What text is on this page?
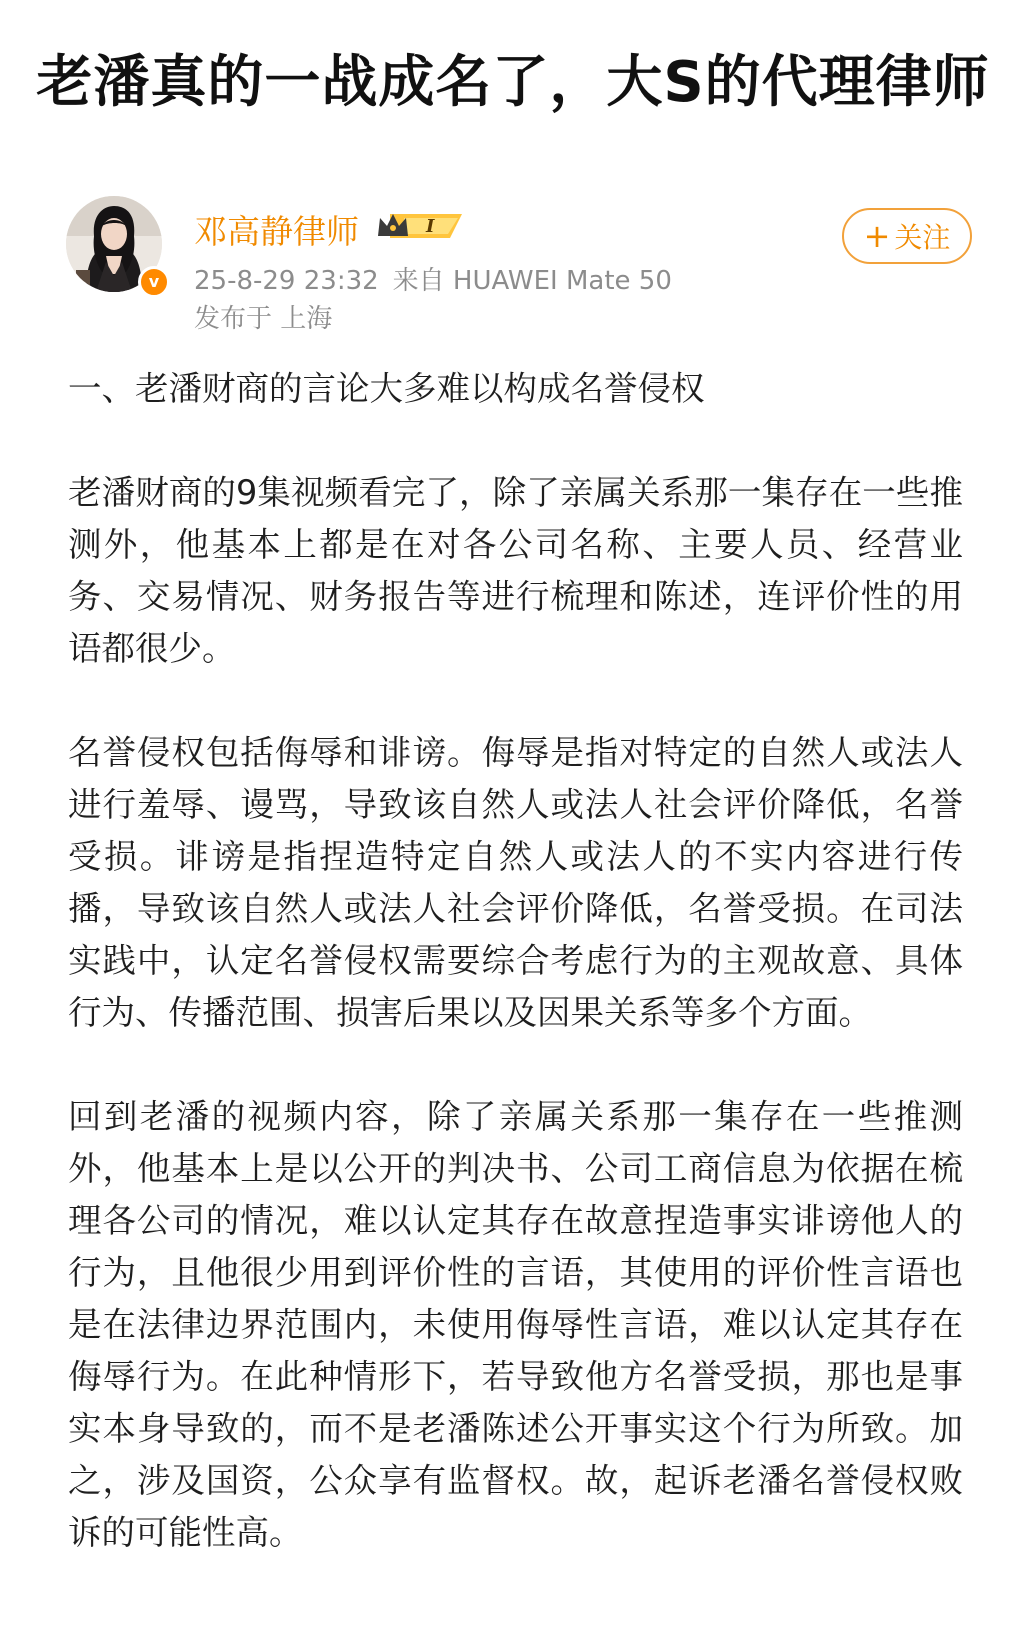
老潘真的一战成名了，大S的代理律师
v
邓高静律师	I
25-8-29 23:32 来自 HUAWEI Mate 50
发布于 上海
+ 关注

一、老潘财商的言论大多难以构成名誉侵权

老潘财商的9集视频看完了，除了亲属关系那一集存在一些推测外，他基本上都是在对各公司名称、主要人员、经营业务、交易情况、财务报告等进行梳理和陈述，连评价性的用语都很少。

名誉侵权包括侮辱和诽谤。侮辱是指对特定的自然人或法人进行羞辱、谩骂，导致该自然人或法人社会评价降低，名誉受损。诽谤是指捏造特定自然人或法人的不实内容进行传播，导致该自然人或法人社会评价降低，名誉受损。在司法实践中，认定名誉侵权需要综合考虑行为的主观故意、具体行为、传播范围、损害后果以及因果关系等多个方面。

回到老潘的视频内容，除了亲属关系那一集存在一些推测外，他基本上是以公开的判决书、公司工商信息为依据在梳理各公司的情况，难以认定其存在故意捏造事实诽谤他人的行为，且他很少用到评价性的言语，其使用的评价性言语也是在法律边界范围内，未使用侮辱性言语，难以认定其存在侮辱行为。在此种情形下，若导致他方名誉受损，那也是事实本身导致的，而不是老潘陈述公开事实这个行为所致。加之，涉及国资，公众享有监督权。故，起诉老潘名誉侵权败诉的可能性高。
